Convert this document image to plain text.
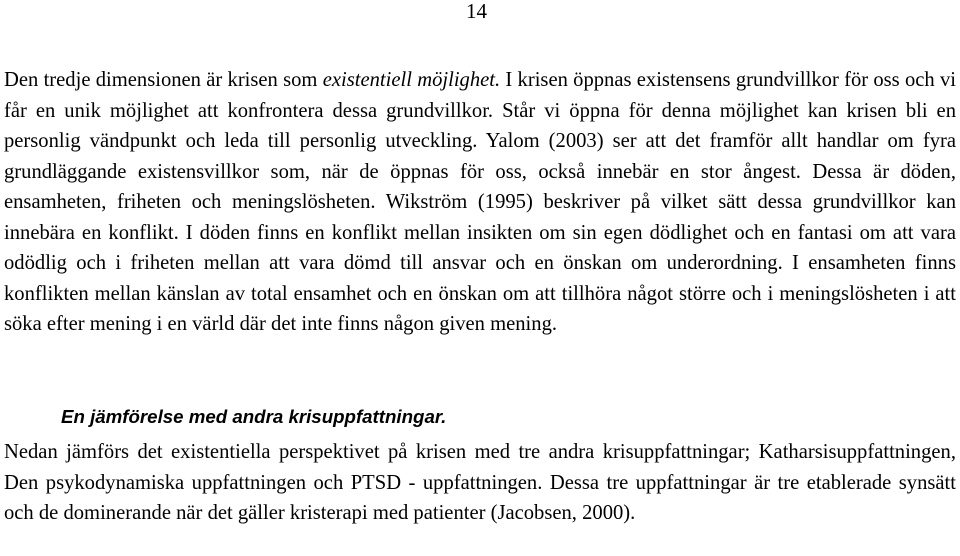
14

Den tredje dimensionen är krisen som existentiell möjlighet. I krisen öppnas existensens grundvillkor för oss och vi får en unik möjlighet att konfrontera dessa grundvillkor. Står vi öppna för denna möjlighet kan krisen bli en personlig vändpunkt och leda till personlig utveckling. Yalom (2003) ser att det framför allt handlar om fyra grundläggande existensvillkor som, när de öppnas för oss, också innebär en stor ångest. Dessa är döden, ensamheten, friheten och meningslösheten. Wikström (1995) beskriver på vilket sätt dessa grundvillkor kan innebära en konflikt. I döden finns en konflikt mellan insikten om sin egen dödlighet och en fantasi om att vara odödlig och i friheten mellan att vara dömd till ansvar och en önskan om underordning. I ensamheten finns konflikten mellan känslan av total ensamhet och en önskan om att tillhöra något större och i meningslösheten i att söka efter mening i en värld där det inte finns någon given mening.

En jämförelse med andra krisuppfattningar.

Nedan jämförs det existentiella perspektivet på krisen med tre andra krisuppfattningar; Katharsisuppfattningen, Den psykodynamiska uppfattningen och PTSD - uppfattningen. Dessa tre uppfattningar är tre etablerade synsätt och de dominerande när det gäller kristerapi med patienter (Jacobsen, 2000).
